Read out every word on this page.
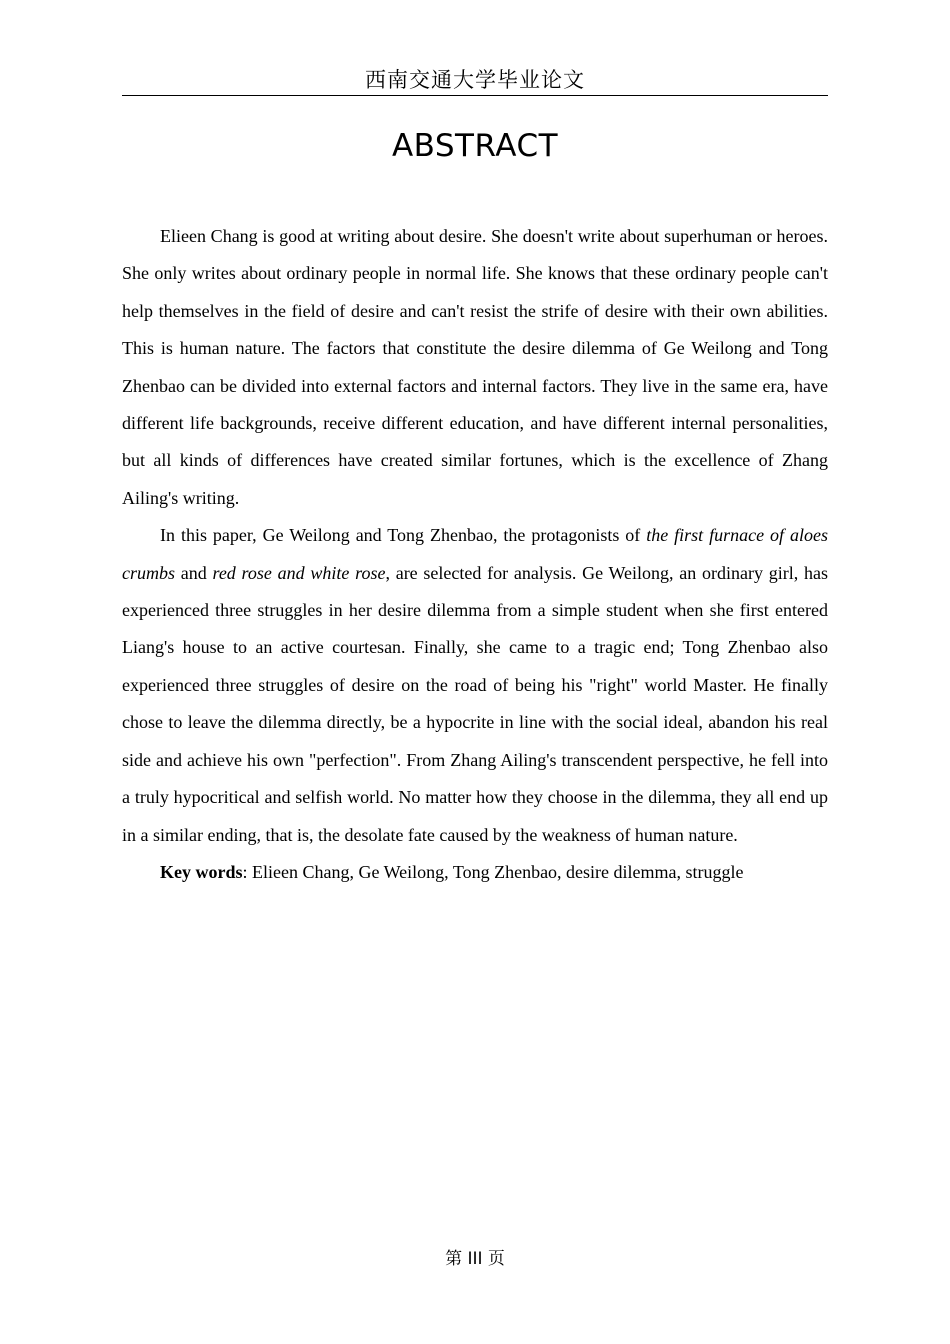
西南交通大学毕业论文
ABSTRACT

Elieen Chang is good at writing about desire. She doesn't write about superhuman or heroes. She only writes about ordinary people in normal life. She knows that these ordinary people can't help themselves in the field of desire and can't resist the strife of desire with their own abilities. This is human nature. The factors that constitute the desire dilemma of Ge Weilong and Tong Zhenbao can be divided into external factors and internal factors. They live in the same era, have different life backgrounds, receive different education, and have different internal personalities, but all kinds of differences have created similar fortunes, which is the excellence of Zhang Ailing's writing.

In this paper, Ge Weilong and Tong Zhenbao, the protagonists of the first furnace of aloes crumbs and red rose and white rose, are selected for analysis. Ge Weilong, an ordinary girl, has experienced three struggles in her desire dilemma from a simple student when she first entered Liang's house to an active courtesan. Finally, she came to a tragic end; Tong Zhenbao also experienced three struggles of desire on the road of being his "right" world Master. He finally chose to leave the dilemma directly, be a hypocrite in line with the social ideal, abandon his real side and achieve his own "perfection". From Zhang Ailing's transcendent perspective, he fell into a truly hypocritical and selfish world. No matter how they choose in the dilemma, they all end up in a similar ending, that is, the desolate fate caused by the weakness of human nature.

Key words: Elieen Chang, Ge Weilong, Tong Zhenbao, desire dilemma, struggle

第 III 页
